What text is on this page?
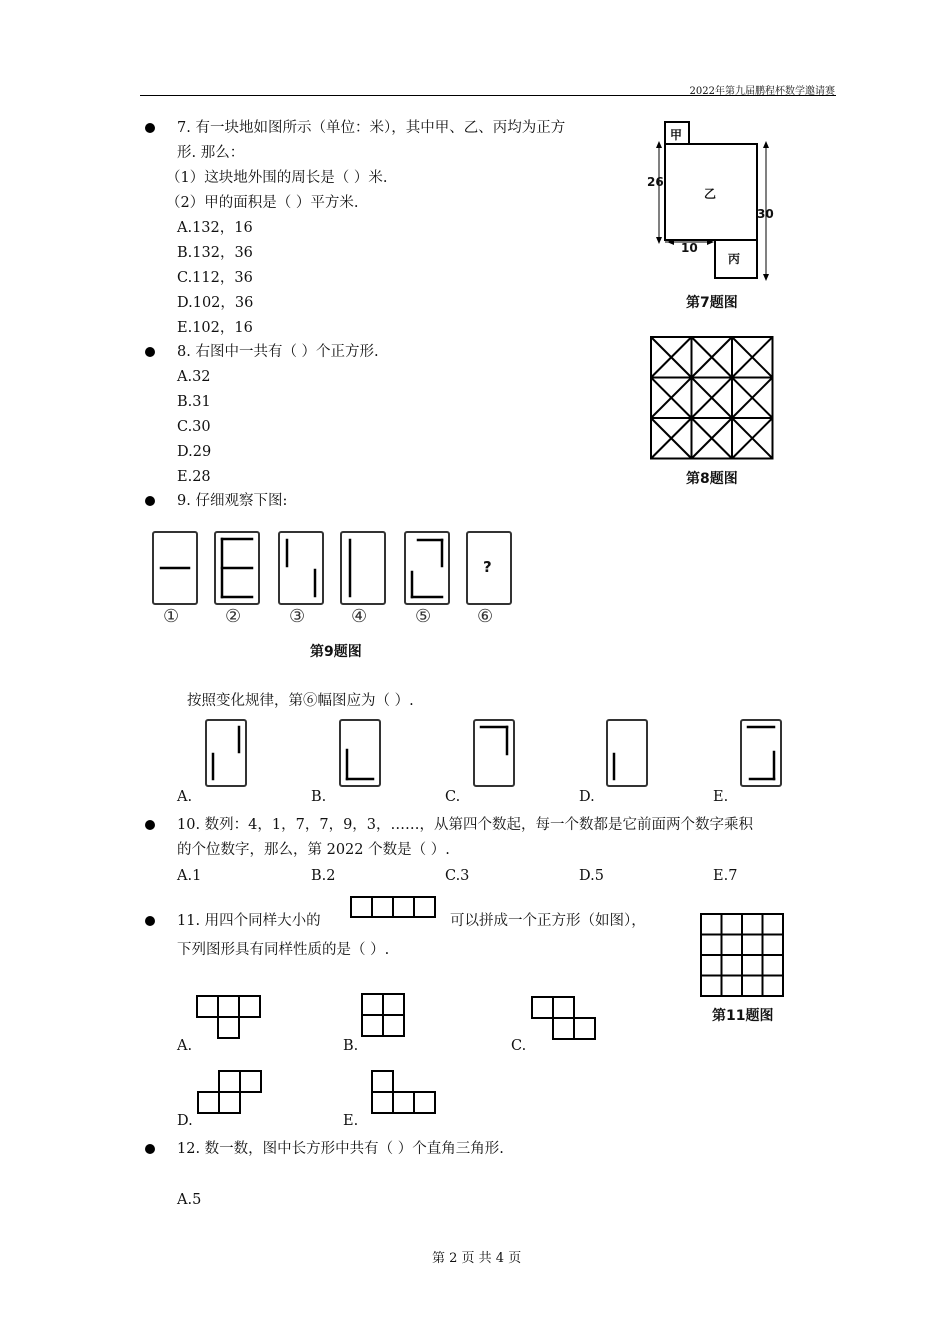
2022年第九届鹏程杯数学邀请赛
7. 有一块地如图所示（单位：米），其中甲、乙、丙均为正方
形. 那么：
（1）这块地外围的周长是（ ）米.
（2）甲的面积是（ ）平方米.
A.132，16
B.132，36
C.112，36
D.102，36
E.102，16
甲
乙
丙
26
30
10
第7题图
8. 右图中一共有（ ）个正方形.
A.32
B.31
C.30
D.29
E.28	第8题图
9. 仔细观察下图:
?
①	②	③	④	⑤	⑥
第9题图
按照变化规律，第⑥幅图应为（ ）.
A.	B.	C.	D.	E.
10. 数列：4，1，7，7，9，3，……，从第四个数起，每一个数都是它前面两个数字乘积
的个位数字，那么，第 2022 个数是（ ）.
A.1	B.2	C.3	D.5	E.7
11. 用四个同样大小的	可以拼成一个正方形（如图），
下列图形具有同样性质的是（ ）.
第11题图
A.	B.	C.
D.	E.
12. 数一数，图中长方形中共有（ ）个直角三角形.
A.5
第 2 页 共 4 页
